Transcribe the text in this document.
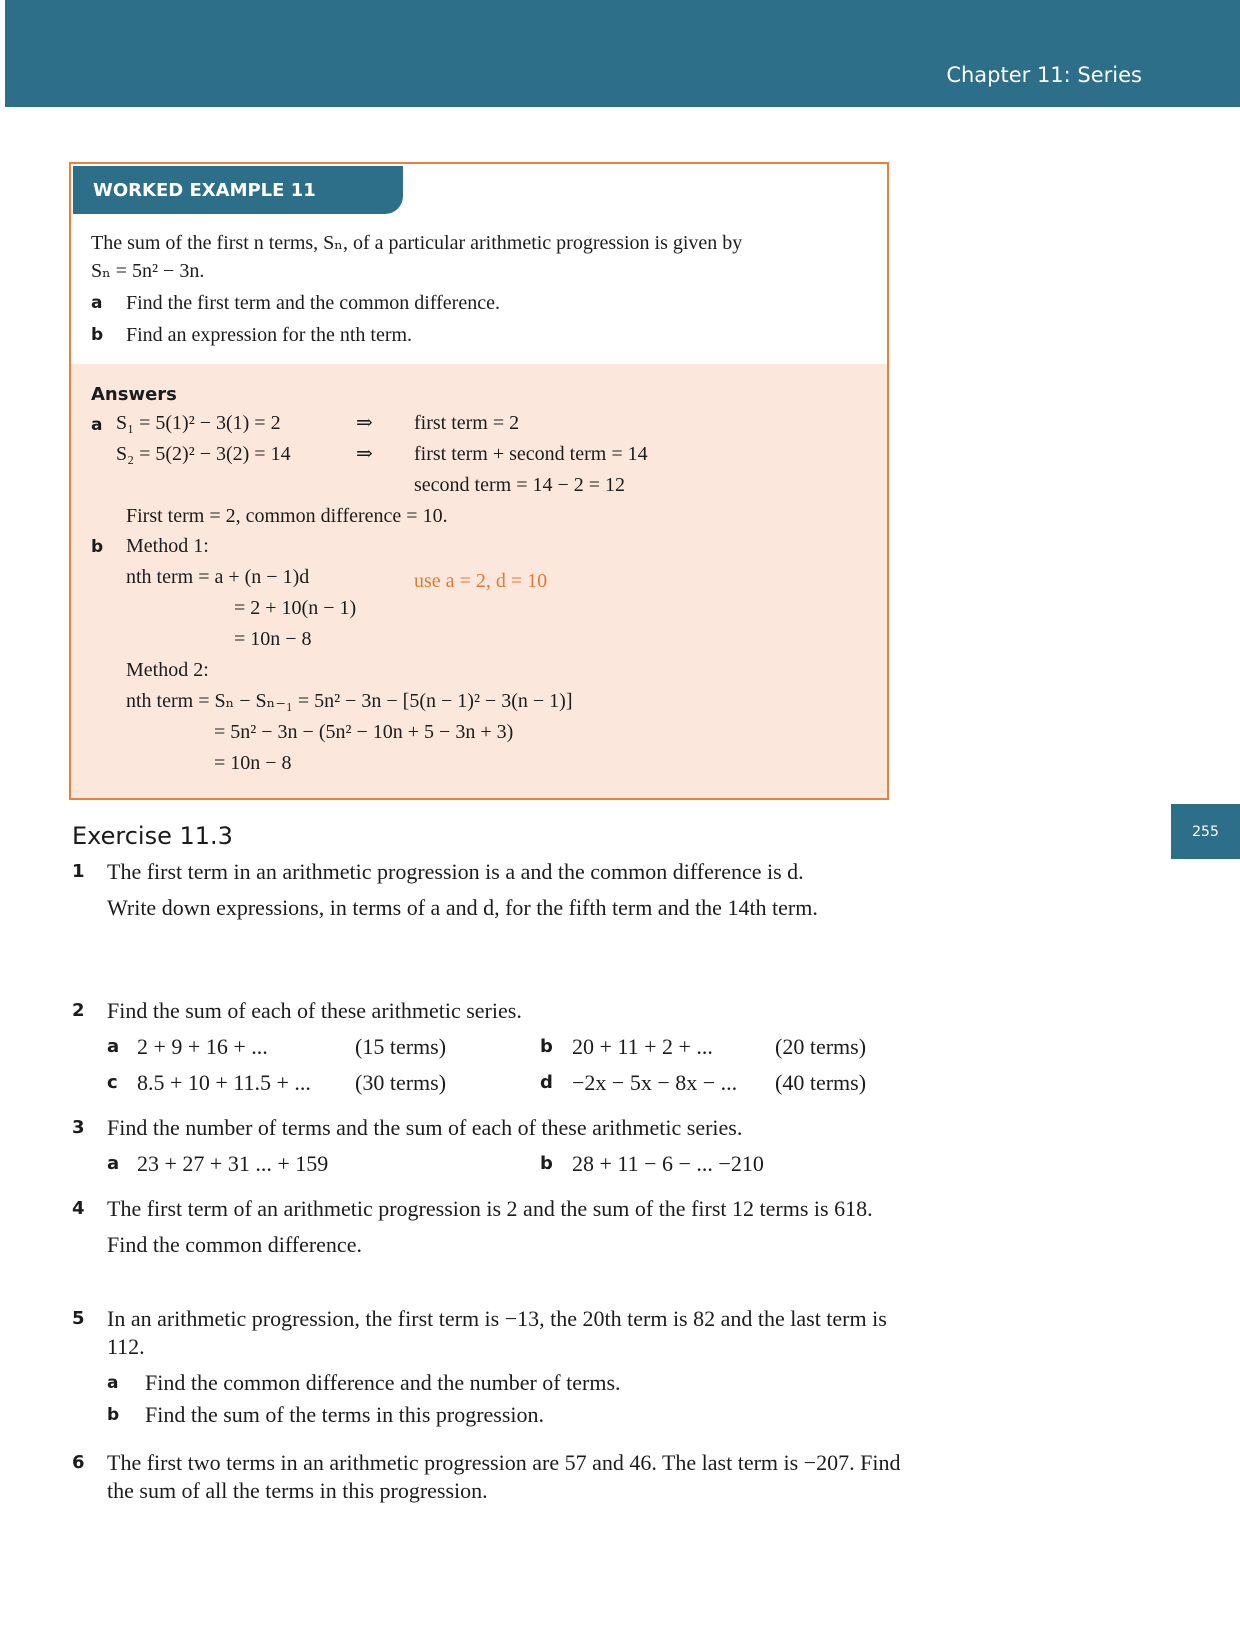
Chapter 11: Series
255
WORKED EXAMPLE 11
The sum of the first n terms, Sₙ, of a particular arithmetic progression is given by
Sₙ = 5n² − 3n.
a Find the first term and the common difference.
b Find an expression for the nth term.
Answers
a S₁ = 5(1)² − 3(1) = 2	⇒ first term = 2
S₂ = 5(2)² − 3(2) = 14	⇒ first term + second term = 14
second term = 14 − 2 = 12
First term = 2, common difference = 10.
b Method 1:
nth term = a + (n − 1)d	use a = 2, d = 10
= 2 + 10(n − 1)
= 10n − 8
Method 2:
nth term = Sₙ − Sₙ₋₁ = 5n² − 3n − [5(n − 1)² − 3(n − 1)]
= 5n² − 3n − (5n² − 10n + 5 − 3n + 3)
= 10n − 8
Exercise 11.3
1 The first term in an arithmetic progression is a and the common difference is d.

Write down expressions, in terms of a and d, for the fifth term and the 14th term.

2 Find the sum of each of these arithmetic series.

a 2 + 9 + 16 + ...	(15 terms)	b 20 + 11 + 2 + ...	(20 terms)
c 8.5 + 10 + 11.5 + ... (30 terms)	d −2x − 5x − 8x − ... (40 terms)
3 Find the number of terms and the sum of each of these arithmetic series.

a 23 + 27 + 31 ... + 159	b 28 + 11 − 6 − ... −210
4 The first term of an arithmetic progression is 2 and the sum of the first 12 terms is 618.

Find the common difference.

5 In an arithmetic progression, the first term is −13, the 20th term is 82 and the last term is 112.

a Find the common difference and the number of terms.
b Find the sum of the terms in this progression.
6 The first two terms in an arithmetic progression are 57 and 46. The last term is −207. Find the sum of all the terms in this progression.
